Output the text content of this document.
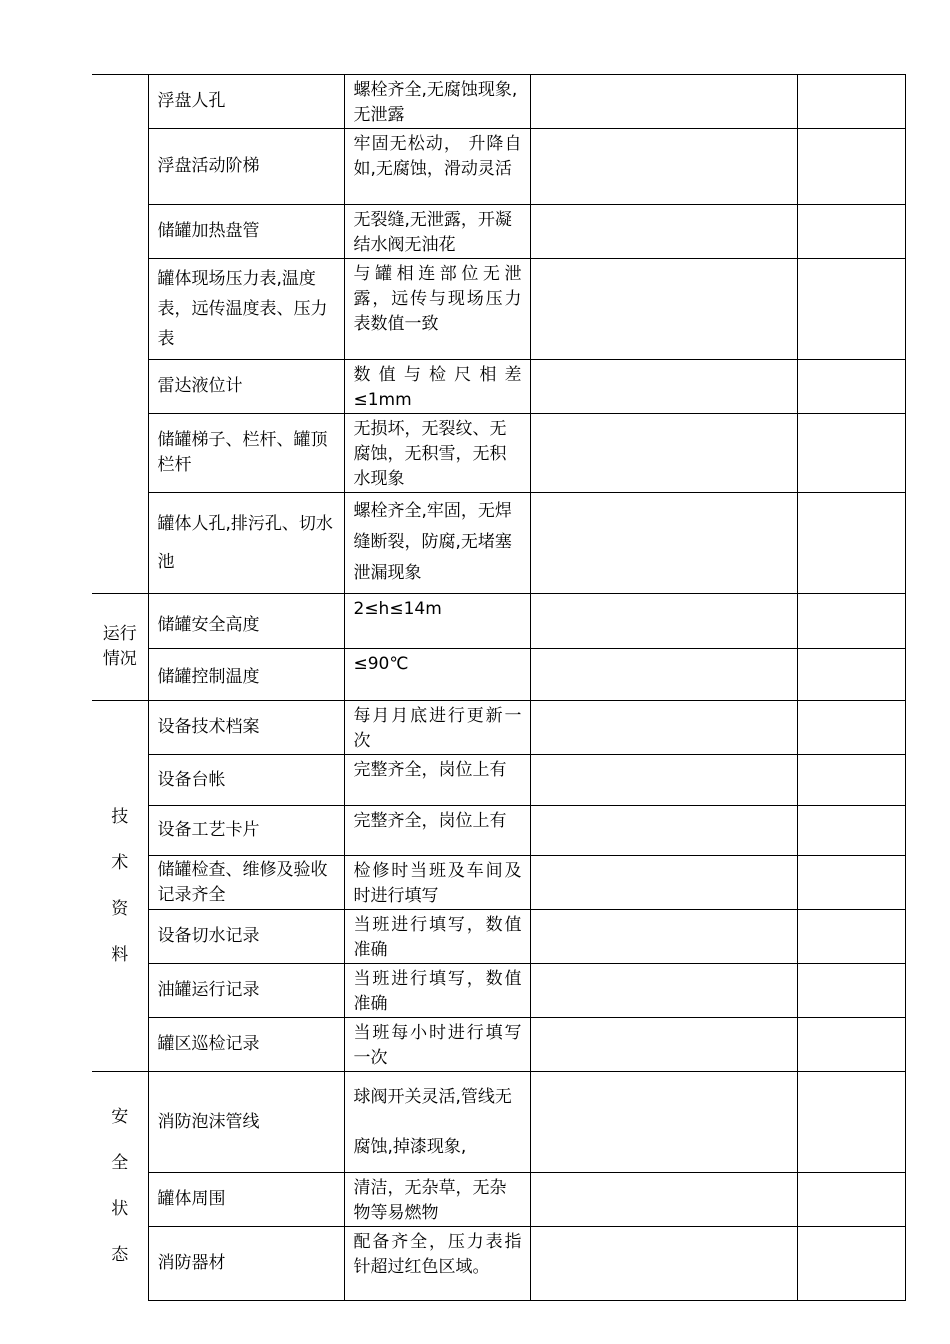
	浮盘人孔	螺栓齐全,无腐蚀现象,无泄露		
	浮盘活动阶梯	牢固无松动， 升降自如,无腐蚀，滑动灵活		
	储罐加热盘管	无裂缝,无泄露，开凝结水阀无油花		
	罐体现场压力表,温度表，远传温度表、压力表	与罐相连部位无泄露，远传与现场压力表数值一致		
	雷达液位计	数值与检尺相差≤1mm		
	储罐梯子、栏杆、罐顶栏杆	无损坏，无裂纹、无腐蚀，无积雪，无积水现象		
	罐体人孔,排污孔、切水池	螺栓齐全,牢固，无焊缝断裂，防腐,无堵塞泄漏现象		
运行情况	储罐安全高度	2≤h≤14m		
	储罐控制温度	≤90℃		
技术资料	设备技术档案	每月月底进行更新一次		
	设备台帐	完整齐全，岗位上有		
	设备工艺卡片	完整齐全，岗位上有		
	储罐检查、维修及验收记录齐全	检修时当班及车间及时进行填写		
	设备切水记录	当班进行填写，数值准确		
	油罐运行记录	当班进行填写，数值准确		
	罐区巡检记录	当班每小时进行填写一次		
安全状态	消防泡沫管线	球阀开关灵活,管线无腐蚀,掉漆现象,		
	罐体周围	清洁，无杂草，无杂物等易燃物		
	消防器材	配备齐全，压力表指针超过红色区域。		
